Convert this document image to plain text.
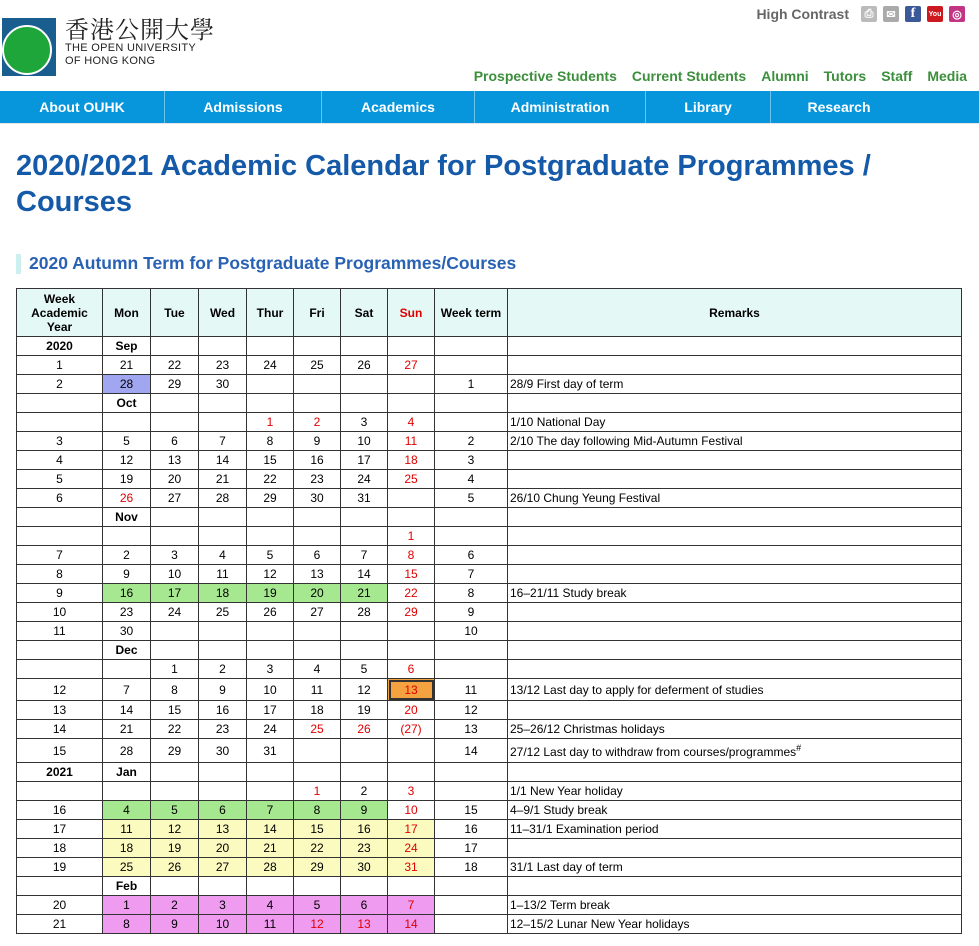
香港公開大學
THE OPEN UNIVERSITY
OF HONG KONG
High Contrast	⎙	✉	f	You ◎
Prospective Students Current Students Alumni Tutors Staff Media
About OUHK	Admissions	Academics	Administration	Library	Research
2020/2021 Academic Calendar for Postgraduate Programmes / Courses
2020 Autumn Term for Postgraduate Programmes/Courses
Week Academic Year	Mon	Tue	Wed	Thur	Fri	Sat	Sun	Week term	Remarks
2020	Sep								
1	21	22	23	24	25	26	27		
2	28	29	30					1	28/9 First day of term
	Oct								
				1	2	3	4		1/10 National Day
3	5	6	7	8	9	10	11	2	2/10 The day following Mid-Autumn Festival
4	12	13	14	15	16	17	18	3	
5	19	20	21	22	23	24	25	4	
6	26	27	28	29	30	31		5	26/10 Chung Yeung Festival
	Nov								
							1		
7	2	3	4	5	6	7	8	6	
8	9	10	11	12	13	14	15	7	
9	16	17	18	19	20	21	22	8	16–21/11 Study break
10	23	24	25	26	27	28	29	9	
11	30							10	
	Dec								
		1	2	3	4	5	6		
12	7	8	9	10	11	12	13	11	13/12 Last day to apply for deferment of studies
13	14	15	16	17	18	19	20	12	
14	21	22	23	24	25	26	(27)	13	25–26/12 Christmas holidays
15	28	29	30	31				14	27/12 Last day to withdraw from courses/programmes#
2021	Jan								
					1	2	3		1/1 New Year holiday
16	4	5	6	7	8	9	10	15	4–9/1 Study break
17	11	12	13	14	15	16	17	16	11–31/1 Examination period
18	18	19	20	21	22	23	24	17	
19	25	26	27	28	29	30	31	18	31/1 Last day of term
	Feb								
20	1	2	3	4	5	6	7		1–13/2 Term break
21	8	9	10	11	12	13	14		12–15/2 Lunar New Year holidays
